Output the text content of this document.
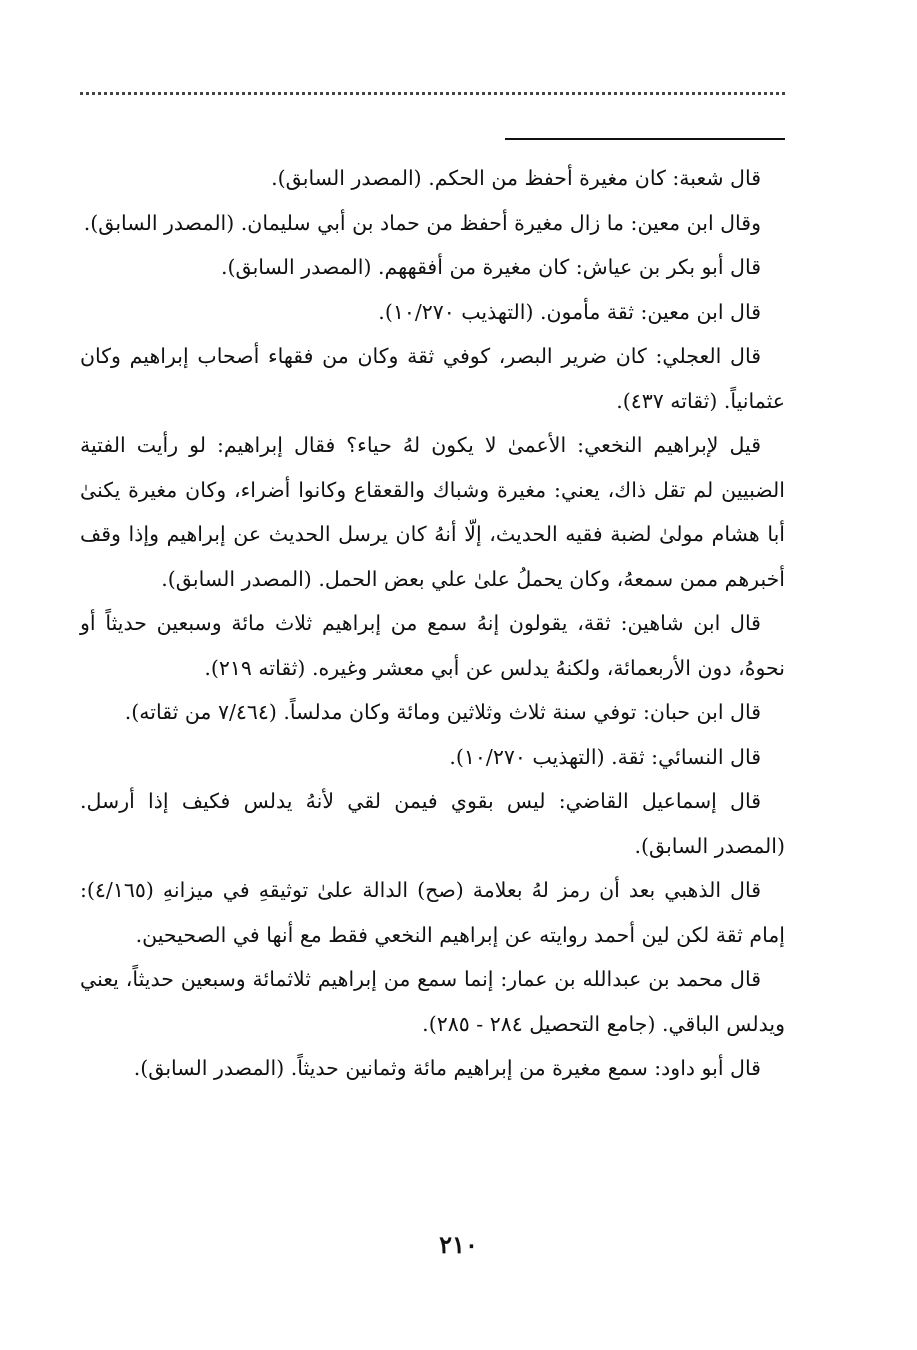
قال شعبة: كان مغيرة أحفظ من الحكم. (المصدر السابق).

وقال ابن معين: ما زال مغيرة أحفظ من حماد بن أبي سليمان. (المصدر السابق).

قال أبو بكر بن عياش: كان مغيرة من أفقههم. (المصدر السابق).

قال ابن معين: ثقة مأمون. (التهذيب ١٠/٢٧٠).

قال العجلي: كان ضرير البصر، كوفي ثقة وكان من فقهاء أصحاب إبراهيم وكان عثمانياً. (ثقاته ٤٣٧).

قيل لإبراهيم النخعي: الأعمىٰ لا يكون لهُ حياء؟ فقال إبراهيم: لو رأيت الفتية الضبيين لم تقل ذاك، يعني: مغيرة وشباك والقعقاع وكانوا أضراء، وكان مغيرة يكنىٰ أبا هشام مولىٰ لضبة فقيه الحديث، إلّا أنهُ كان يرسل الحديث عن إبراهيم وإذا وقف أخبرهم ممن سمعهُ، وكان يحملُ علىٰ علي بعض الحمل. (المصدر السابق).

قال ابن شاهين: ثقة، يقولون إنهُ سمع من إبراهيم ثلاث مائة وسبعين حديثاً أو نحوهُ، دون الأربعمائة، ولكنهُ يدلس عن أبي معشر وغيره. (ثقاته ٢١٩).

قال ابن حبان: توفي سنة ثلاث وثلاثين ومائة وكان مدلساً. (٧/٤٦٤ من ثقاته).

قال النسائي: ثقة. (التهذيب ١٠/٢٧٠).

قال إسماعيل القاضي: ليس بقوي فيمن لقي لأنهُ يدلس فكيف إذا أرسل. (المصدر السابق).

قال الذهبي بعد أن رمز لهُ بعلامة (صح) الدالة علىٰ توثيقهِ في ميزانهِ (٤/١٦٥): إمام ثقة لكن لين أحمد روايته عن إبراهيم النخعي فقط مع أنها في الصحيحين.

قال محمد بن عبدالله بن عمار: إنما سمع من إبراهيم ثلاثمائة وسبعين حديثاً، يعني ويدلس الباقي. (جامع التحصيل ٢٨٤ - ٢٨٥).

قال أبو داود: سمع مغيرة من إبراهيم مائة وثمانين حديثاً. (المصدر السابق).

٢١٠
